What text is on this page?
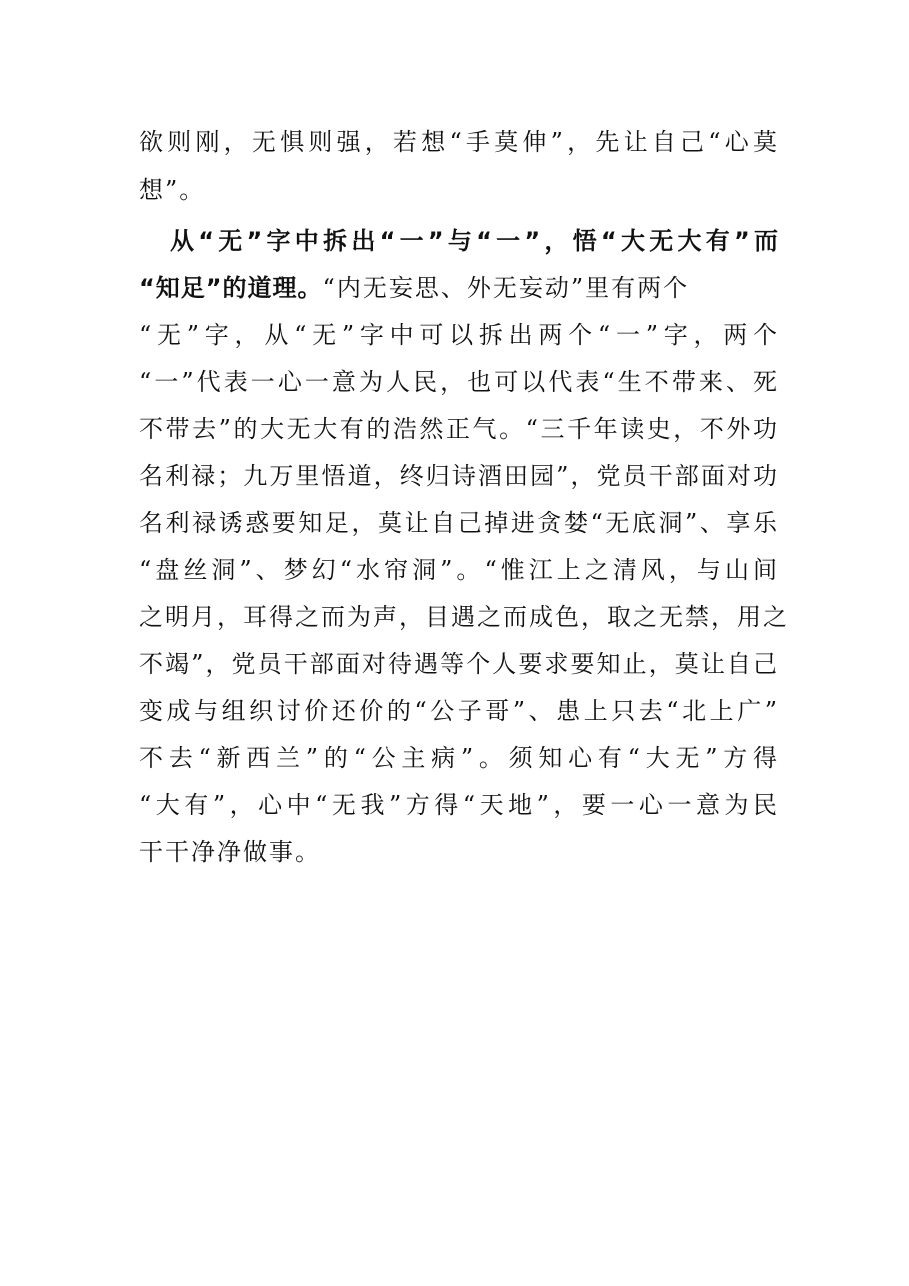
欲则刚，无惧则强，若想“手莫伸”，先让自己“心莫
想”。
从“无”字中拆出“一”与“一”，悟“大无大有”而
“知足”的道理。“内无妄思、外无妄动”里有两个
“无”字，从“无”字中可以拆出两个“一”字，两个
“一”代表一心一意为人民，也可以代表“生不带来、死
不带去”的大无大有的浩然正气。“三千年读史，不外功
名利禄；九万里悟道，终归诗酒田园”，党员干部面对功
名利禄诱惑要知足，莫让自己掉进贪婪“无底洞”、享乐
“盘丝洞”、梦幻“水帘洞”。“惟江上之清风，与山间
之明月，耳得之而为声，目遇之而成色，取之无禁，用之
不竭”，党员干部面对待遇等个人要求要知止，莫让自己
变成与组织讨价还价的“公子哥”、患上只去“北上广”
不去“新西兰”的“公主病”。须知心有“大无”方得
“大有”，心中“无我”方得“天地”，要一心一意为民
干干净净做事。
